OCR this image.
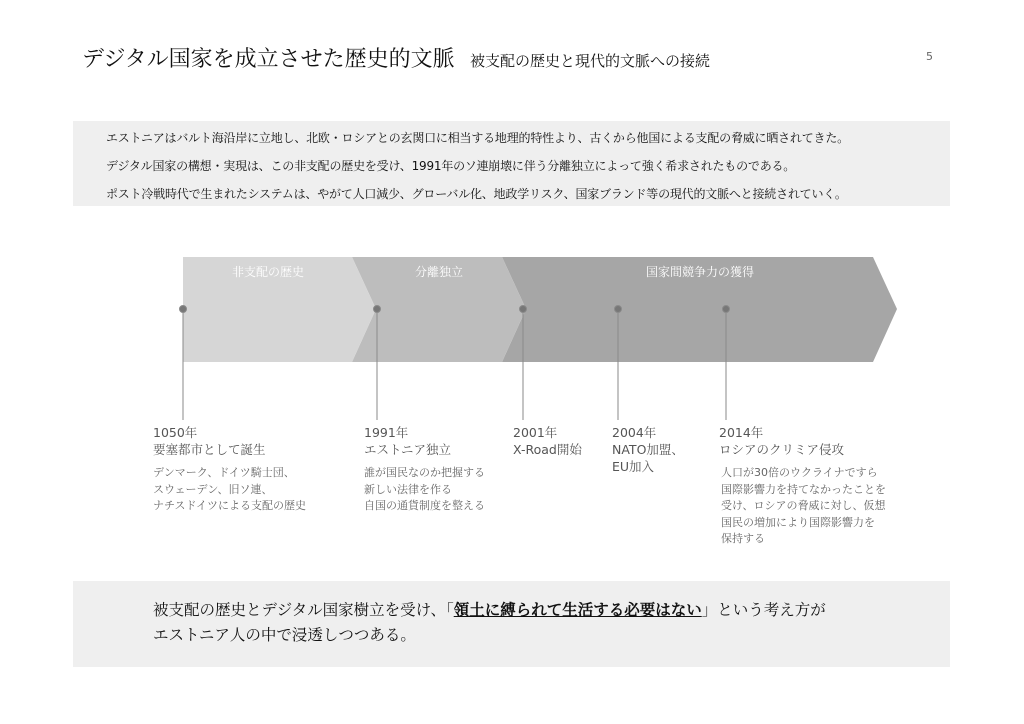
デジタル国家を成立させた歴史的文脈 被支配の歴史と現代的文脈への接続	5
エストニアはバルト海沿岸に立地し、北欧・ロシアとの玄関口に相当する地理的特性より、古くから他国による支配の脅威に晒されてきた。
デジタル国家の構想・実現は、この非支配の歴史を受け、1991年のソ連崩壊に伴う分離独立によって強く希求されたものである。
ポスト冷戦時代で生まれたシステムは、やがて人口減少、グローバル化、地政学リスク、国家ブランド等の現代的文脈へと接続されていく。
非支配の歴史	分離独立	国家間競争力の獲得
1050年
要塞都市として誕生
デンマーク、ドイツ騎士団、
スウェーデン、旧ソ連、
ナチスドイツによる支配の歴史
1991年
エストニア独立
誰が国民なのか把握する
新しい法律を作る
自国の通貨制度を整える
2001年
X-Road開始
2004年
NATO加盟、
EU加入
2014年
ロシアのクリミア侵攻
人口が30倍のウクライナですら
国際影響力を持てなかったことを
受け、ロシアの脅威に対し、仮想
国民の増加により国際影響力を
保持する
被支配の歴史とデジタル国家樹立を受け、「領土に縛られて生活する必要はない」という考え方が
エストニア人の中で浸透しつつある。
